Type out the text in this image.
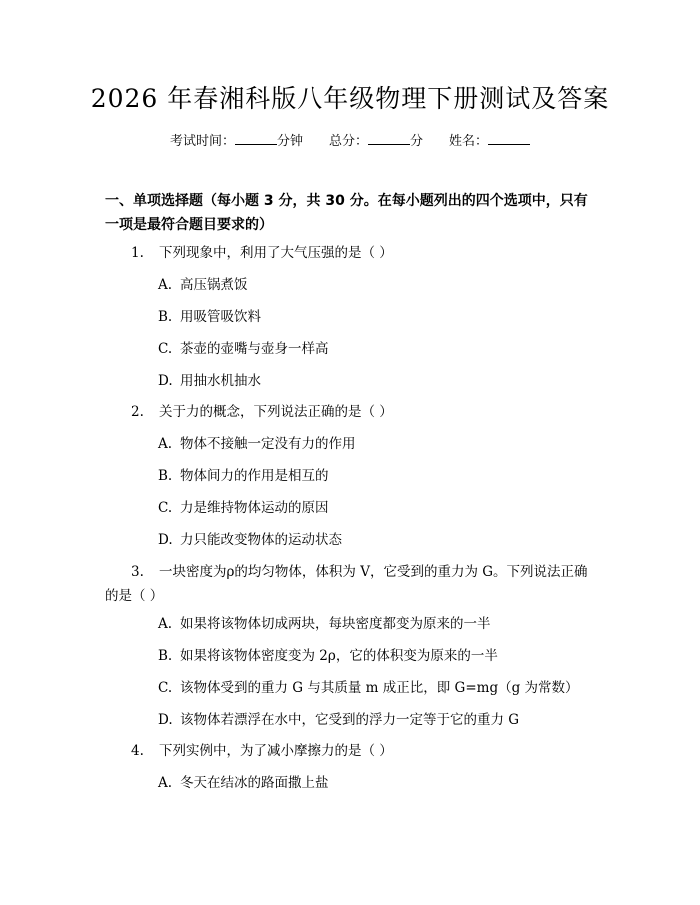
2026 年春湘科版八年级物理下册测试及答案
考试时间：	分钟 总分：	分 姓名：
一、单项选择题（每小题 3 分，共 30 分。在每小题列出的四个选项中，只有一项是最符合题目要求的）
1. 下列现象中，利用了大气压强的是（ ）
A. 高压锅煮饭
B. 用吸管吸饮料
C. 茶壶的壶嘴与壶身一样高
D. 用抽水机抽水
2. 关于力的概念，下列说法正确的是（ ）
A. 物体不接触一定没有力的作用
B. 物体间力的作用是相互的
C. 力是维持物体运动的原因
D. 力只能改变物体的运动状态
3. 一块密度为ρ的均匀物体，体积为 V，它受到的重力为 G。下列说法正确的是（ ）
A. 如果将该物体切成两块，每块密度都变为原来的一半
B. 如果将该物体密度变为 2ρ，它的体积变为原来的一半
C. 该物体受到的重力 G 与其质量 m 成正比，即 G=mg（g 为常数）
D. 该物体若漂浮在水中，它受到的浮力一定等于它的重力 G
4. 下列实例中，为了减小摩擦力的是（ ）
A. 冬天在结冰的路面撒上盐
